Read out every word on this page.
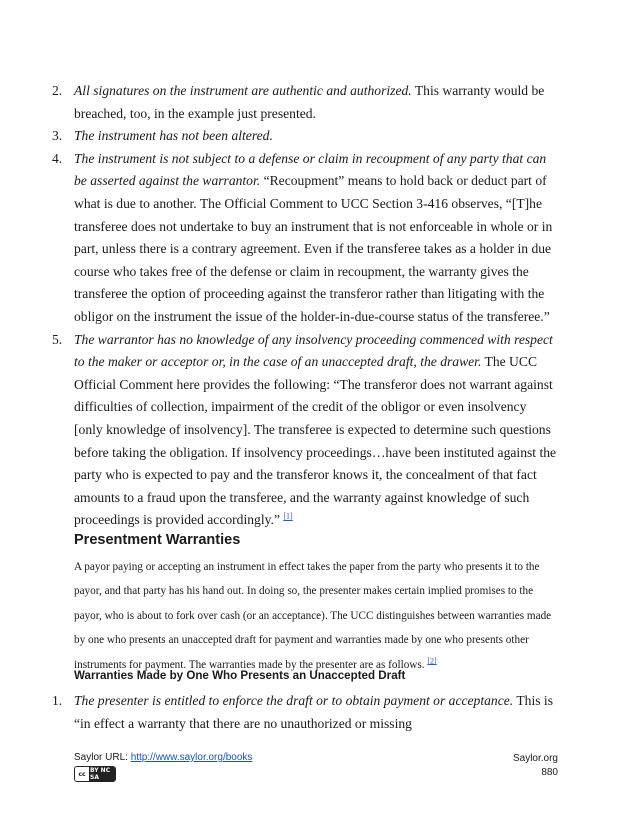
2. All signatures on the instrument are authentic and authorized. This warranty would be breached, too, in the example just presented.
3. The instrument has not been altered.
4. The instrument is not subject to a defense or claim in recoupment of any party that can be asserted against the warrantor. “Recoupment” means to hold back or deduct part of what is due to another. The Official Comment to UCC Section 3-416 observes, “[T]he transferee does not undertake to buy an instrument that is not enforceable in whole or in part, unless there is a contrary agreement. Even if the transferee takes as a holder in due course who takes free of the defense or claim in recoupment, the warranty gives the transferee the option of proceeding against the transferor rather than litigating with the obligor on the instrument the issue of the holder-in-due-course status of the transferee.”
5. The warrantor has no knowledge of any insolvency proceeding commenced with respect to the maker or acceptor or, in the case of an unaccepted draft, the drawer. The UCC Official Comment here provides the following: “The transferor does not warrant against difficulties of collection, impairment of the credit of the obligor or even insolvency [only knowledge of insolvency]. The transferee is expected to determine such questions before taking the obligation. If insolvency proceedings…have been instituted against the party who is expected to pay and the transferor knows it, the concealment of that fact amounts to a fraud upon the transferee, and the warranty against knowledge of such proceedings is provided accordingly.” [1]
Presentment Warranties

A payor paying or accepting an instrument in effect takes the paper from the party who presents it to the payor, and that party has his hand out. In doing so, the presenter makes certain implied promises to the payor, who is about to fork over cash (or an acceptance). The UCC distinguishes between warranties made by one who presents an unaccepted draft for payment and warranties made by one who presents other instruments for payment. The warranties made by the presenter are as follows. [2]

Warranties Made by One Who Presents an Unaccepted Draft
1. The presenter is entitled to enforce the draft or to obtain payment or acceptance. This is “in effect a warranty that there are no unauthorized or missing
Saylor URL: http://www.saylor.org/books
cc BY NC SA
Saylor.org
880
